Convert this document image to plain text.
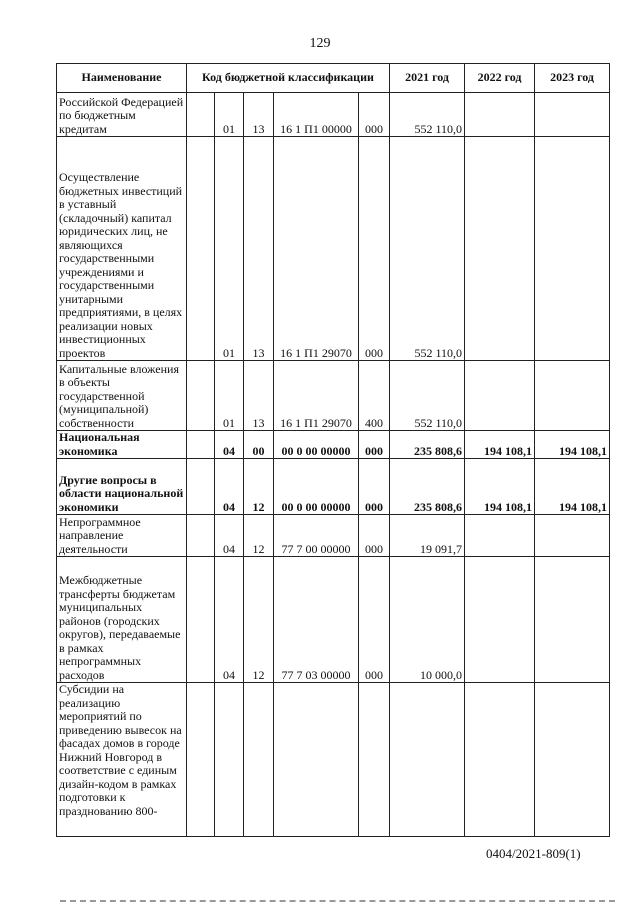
129
Наименование	Код бюджетной классификации					2021 год	2022 год	2023 год
Российской Федерацией по бюджетным кредитам		01	13	16 1 П1 00000	000	552 110,0		
Осуществление бюджетных инвестиций в уставный (складочный) капитал юридических лиц, не являющихся государственными учреждениями и государственными унитарными предприятиями, в целях реализации новых инвестиционных проектов		01	13	16 1 П1 29070	000	552 110,0		
Капитальные вложения в объекты государственной (муниципальной) собственности		01	13	16 1 П1 29070	400	552 110,0		
Национальная экономика		04	00	00 0 00 00000	000	235 808,6	194 108,1	194 108,1
Другие вопросы в области национальной экономики		04	12	00 0 00 00000	000	235 808,6	194 108,1	194 108,1
Непрограммное направление деятельности		04	12	77 7 00 00000	000	19 091,7		
Межбюджетные трансферты бюджетам муниципальных районов (городских округов), передаваемые в рамках непрограммных расходов		04	12	77 7 03 00000	000	10 000,0		
Субсидии на реализацию мероприятий по приведению вывесок на фасадах домов в городе Нижний Новгород в соответствие с единым дизайн-кодом в рамках подготовки к празднованию 800-								
0404/2021-809(1)
